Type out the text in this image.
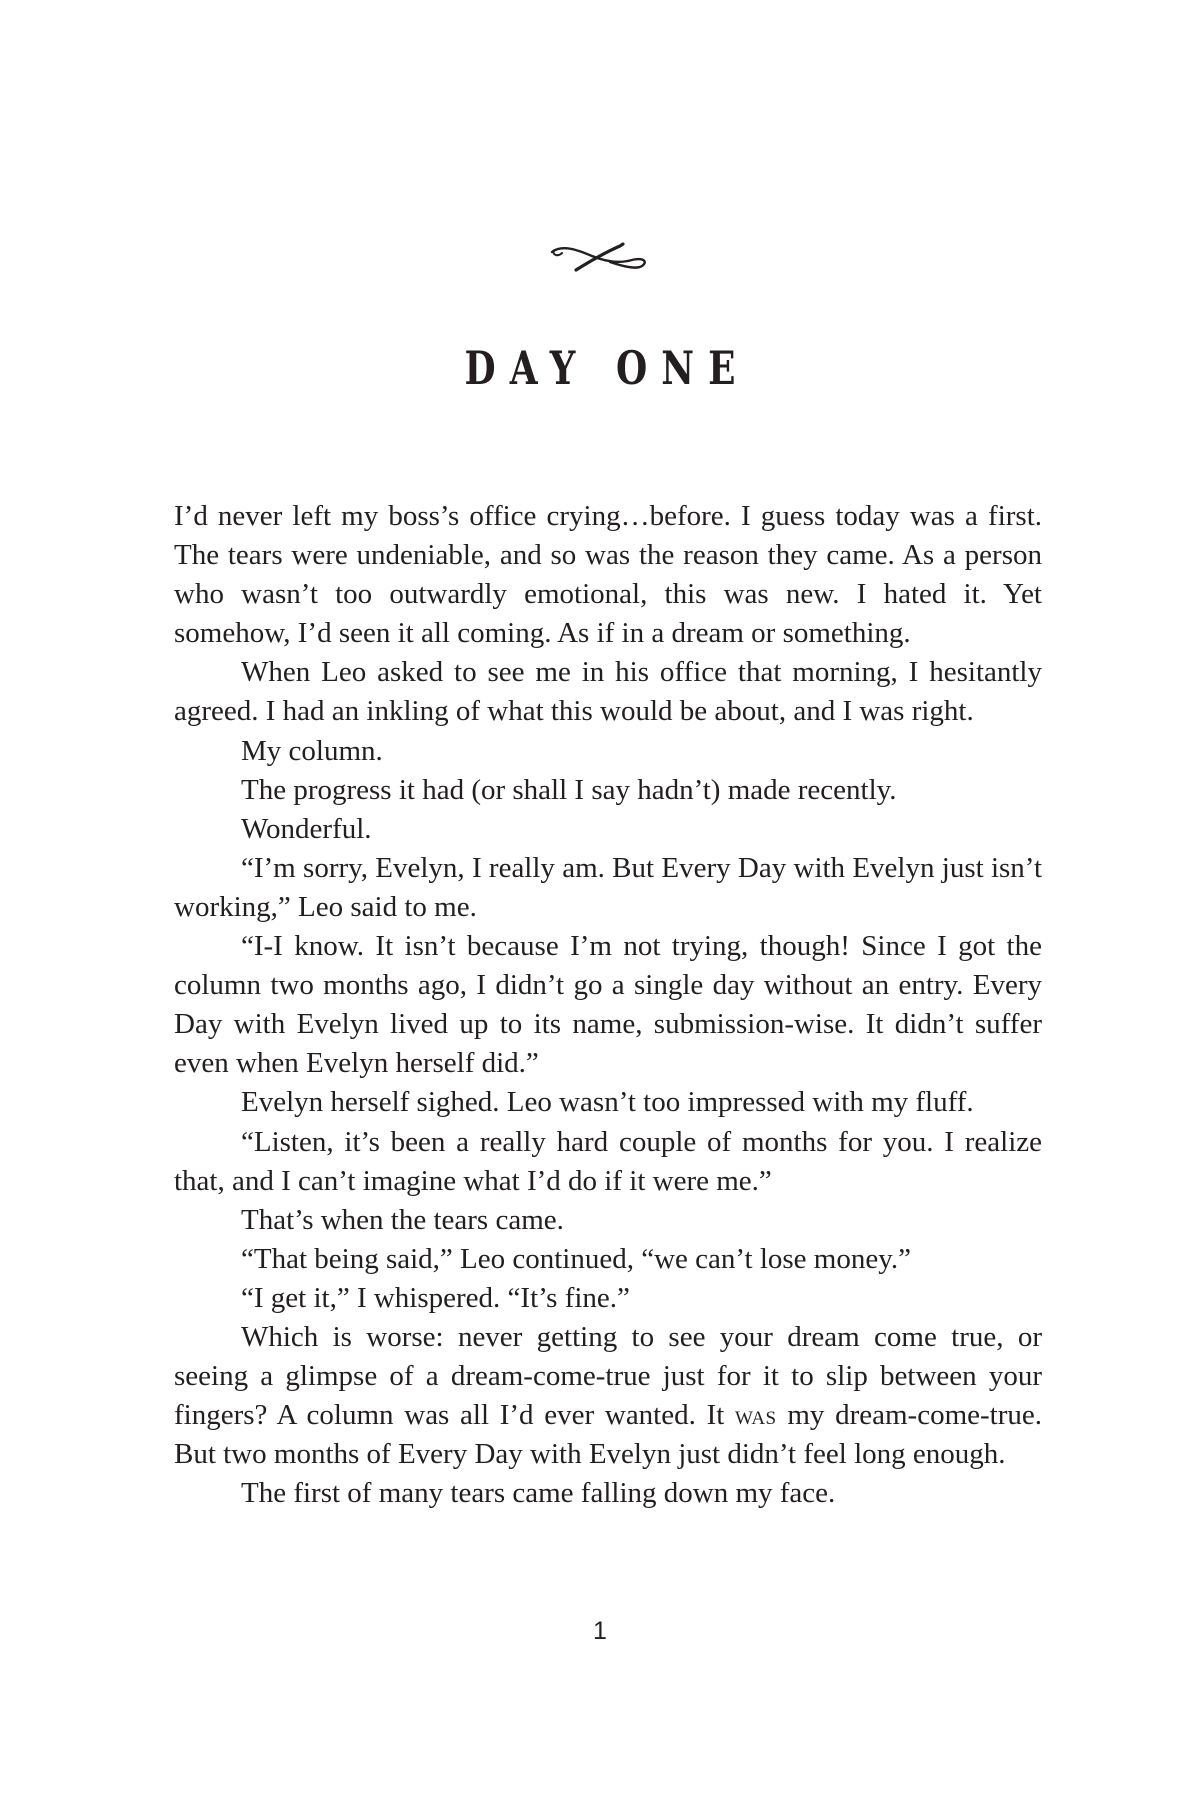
DAY ONE

I’d never left my boss’s office crying…before. I guess today was a first. The tears were undeniable, and so was the reason they came. As a person who wasn’t too outwardly emotional, this was new. I hated it. Yet somehow, I’d seen it all coming. As if in a dream or something.

When Leo asked to see me in his office that morning, I hesitantly agreed. I had an inkling of what this would be about, and I was right.

My column.

The progress it had (or shall I say hadn’t) made recently.

Wonderful.

“I’m sorry, Evelyn, I really am. But Every Day with Evelyn just isn’t working,” Leo said to me.

“I-I know. It isn’t because I’m not trying, though! Since I got the column two months ago, I didn’t go a single day without an entry. Every Day with Evelyn lived up to its name, submission-wise. It didn’t suffer even when Evelyn herself did.”

Evelyn herself sighed. Leo wasn’t too impressed with my fluff.

“Listen, it’s been a really hard couple of months for you. I realize that, and I can’t imagine what I’d do if it were me.”

That’s when the tears came.

“That being said,” Leo continued, “we can’t lose money.”

“I get it,” I whispered. “It’s fine.”

Which is worse: never getting to see your dream come true, or seeing a glimpse of a dream-come-true just for it to slip between your fingers? A column was all I’d ever wanted. It was my dream-come-true. But two months of Every Day with Evelyn just didn’t feel long enough.

The first of many tears came falling down my face.

1
